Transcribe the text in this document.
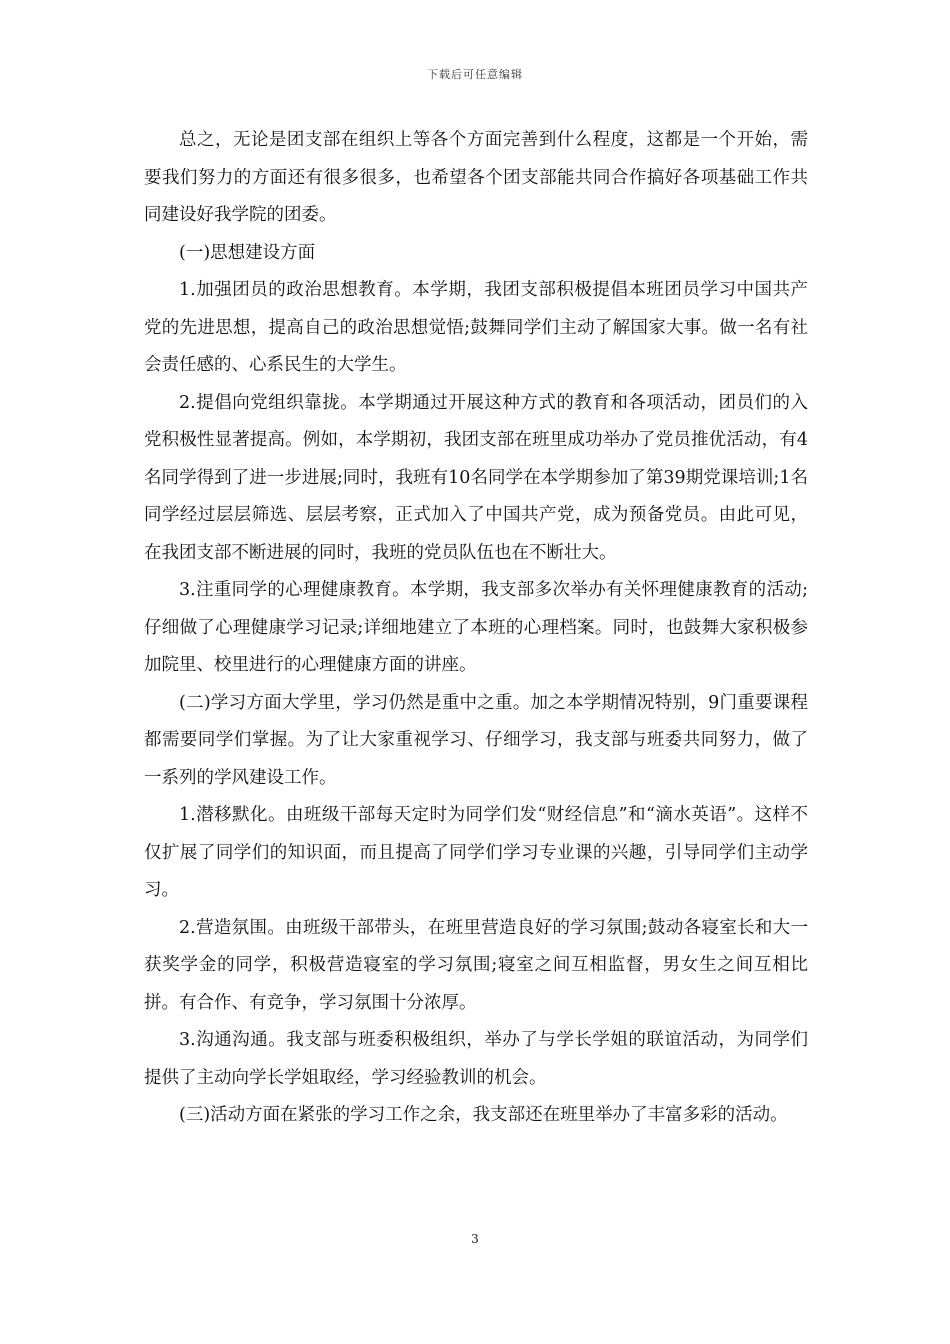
下载后可任意编辑

总之，无论是团支部在组织上等各个方面完善到什么程度，这都是一个开始，需要我们努力的方面还有很多很多，也希望各个团支部能共同合作搞好各项基础工作共同建设好我学院的团委。

(一)思想建设方面

1.加强团员的政治思想教育。本学期，我团支部积极提倡本班团员学习中国共产党的先进思想，提高自己的政治思想觉悟;鼓舞同学们主动了解国家大事。做一名有社会责任感的、心系民生的大学生。

2.提倡向党组织靠拢。本学期通过开展这种方式的教育和各项活动，团员们的入党积极性显著提高。例如，本学期初，我团支部在班里成功举办了党员推优活动，有4名同学得到了进一步进展;同时，我班有10名同学在本学期参加了第39期党课培训;1名同学经过层层筛选、层层考察，正式加入了中国共产党，成为预备党员。由此可见，在我团支部不断进展的同时，我班的党员队伍也在不断壮大。

3.注重同学的心理健康教育。本学期，我支部多次举办有关怀理健康教育的活动;仔细做了心理健康学习记录;详细地建立了本班的心理档案。同时，也鼓舞大家积极参加院里、校里进行的心理健康方面的讲座。

(二)学习方面大学里，学习仍然是重中之重。加之本学期情况特别，9门重要课程都需要同学们掌握。为了让大家重视学习、仔细学习，我支部与班委共同努力，做了一系列的学风建设工作。

1.潜移默化。由班级干部每天定时为同学们发“财经信息”和“滴水英语”。这样不仅扩展了同学们的知识面，而且提高了同学们学习专业课的兴趣，引导同学们主动学习。

2.营造氛围。由班级干部带头，在班里营造良好的学习氛围;鼓动各寝室长和大一获奖学金的同学，积极营造寝室的学习氛围;寝室之间互相监督，男女生之间互相比拼。有合作、有竞争，学习氛围十分浓厚。

3.沟通沟通。我支部与班委积极组织，举办了与学长学姐的联谊活动，为同学们提供了主动向学长学姐取经，学习经验教训的机会。

(三)活动方面在紧张的学习工作之余，我支部还在班里举办了丰富多彩的活动。

3
